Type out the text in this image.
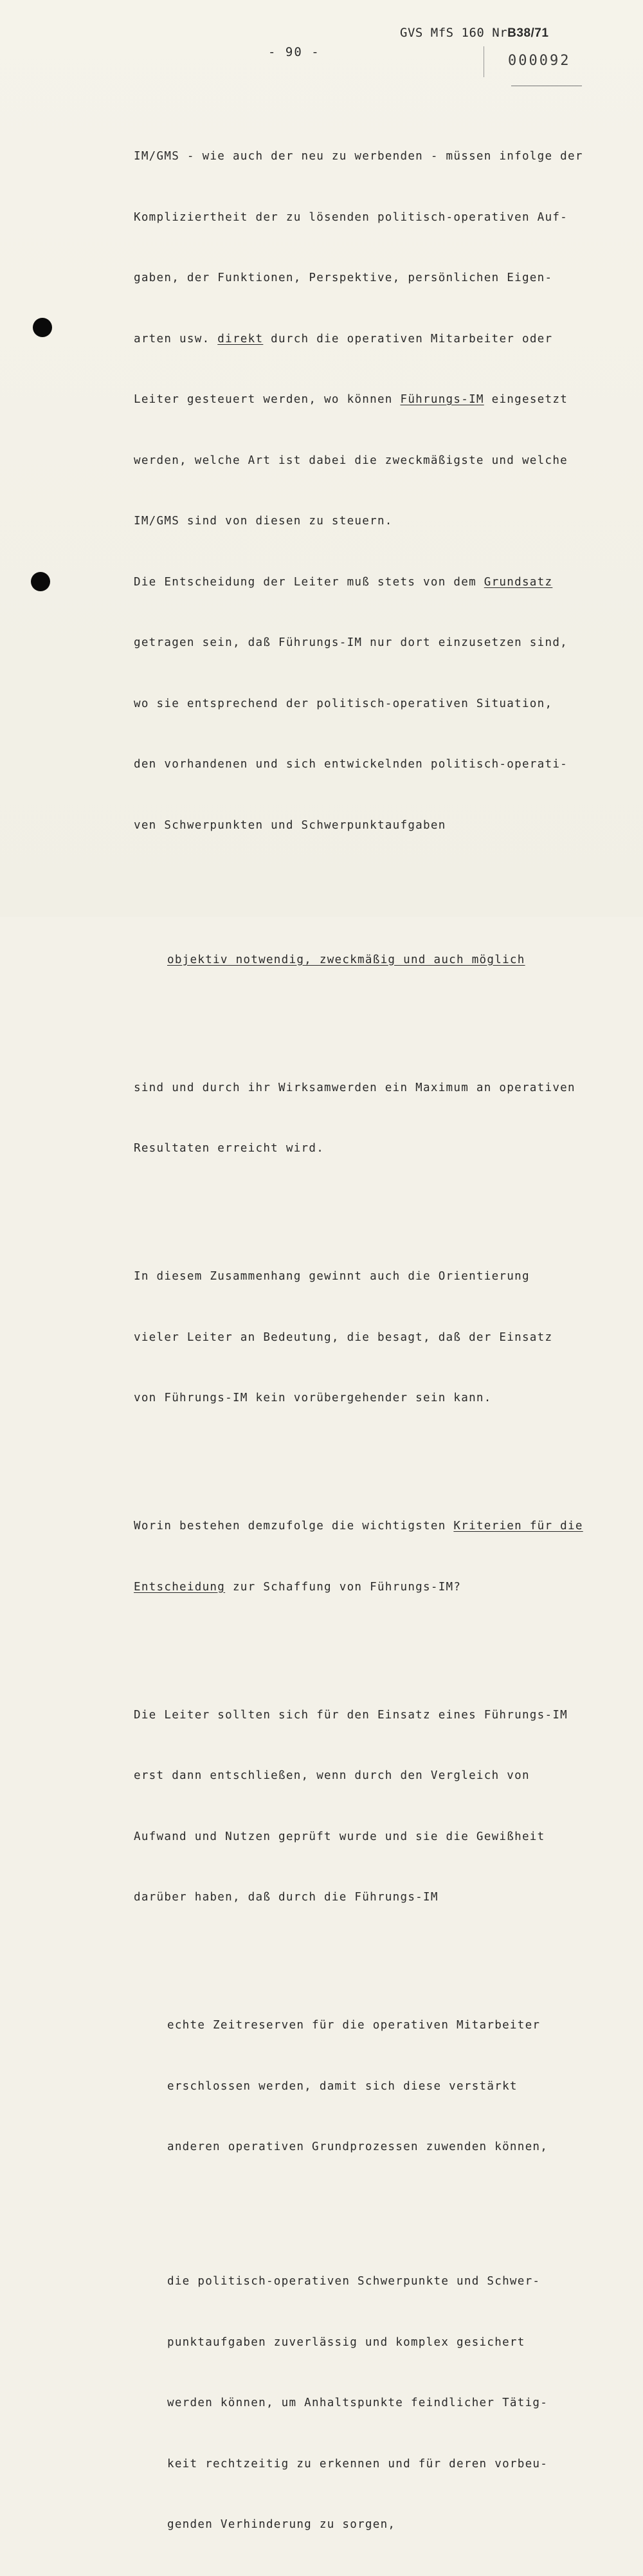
GVS MfS 160 NrB38/71
- 90 -
000092

IM/GMS - wie auch der neu zu werbenden - müssen infolge der

Kompliziertheit der zu lösenden politisch-operativen Auf-

gaben, der Funktionen, Perspektive, persönlichen Eigen-

arten usw. direkt durch die operativen Mitarbeiter oder

Leiter gesteuert werden, wo können Führungs-IM eingesetzt

werden, welche Art ist dabei die zweckmäßigste und welche

IM/GMS sind von diesen zu steuern.

Die Entscheidung der Leiter muß stets von dem Grundsatz

getragen sein, daß Führungs-IM nur dort einzusetzen sind,

wo sie entsprechend der politisch-operativen Situation,

den vorhandenen und sich entwickelnden politisch-operati-

ven Schwerpunkten und Schwerpunktaufgaben

objektiv notwendig, zweckmäßig und auch möglich

sind und durch ihr Wirksamwerden ein Maximum an operativen

Resultaten erreicht wird.

In diesem Zusammenhang gewinnt auch die Orientierung

vieler Leiter an Bedeutung, die besagt, daß der Einsatz

von Führungs-IM kein vorübergehender sein kann.

Worin bestehen demzufolge die wichtigsten Kriterien für die

Entscheidung zur Schaffung von Führungs-IM?

Die Leiter sollten sich für den Einsatz eines Führungs-IM

erst dann entschließen, wenn durch den Vergleich von

Aufwand und Nutzen geprüft wurde und sie die Gewißheit

darüber haben, daß durch die Führungs-IM

echte Zeitreserven für die operativen Mitarbeiter

erschlossen werden, damit sich diese verstärkt

anderen operativen Grundprozessen zuwenden können,

die politisch-operativen Schwerpunkte und Schwer-

punktaufgaben zuverlässig und komplex gesichert

werden können, um Anhaltspunkte feindlicher Tätig-

keit rechtzeitig zu erkennen und für deren vorbeu-

genden Verhinderung zu sorgen,
